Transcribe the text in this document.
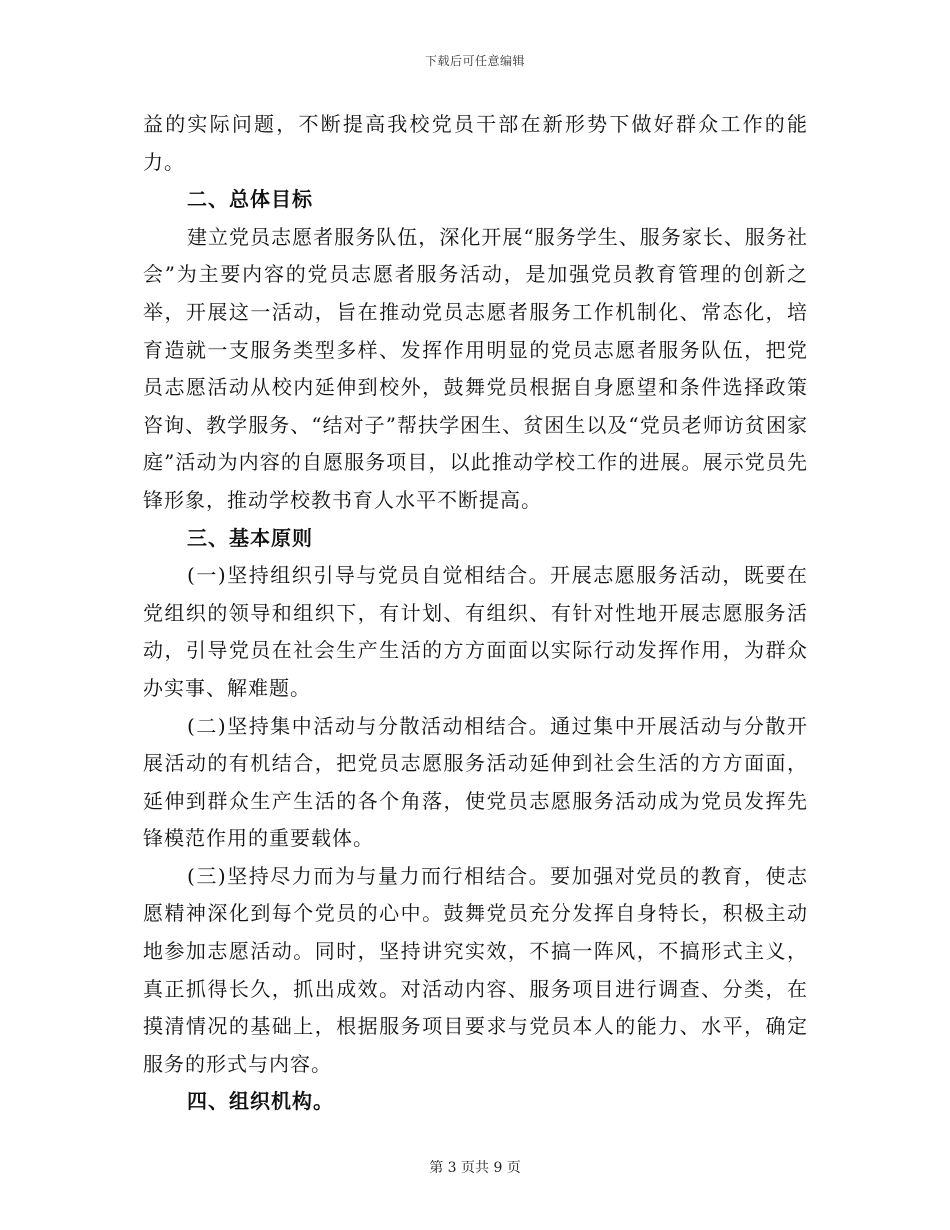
下载后可任意编辑

益的实际问题，不断提高我校党员干部在新形势下做好群众工作的能力。

二、总体目标

建立党员志愿者服务队伍，深化开展“服务学生、服务家长、服务社会”为主要内容的党员志愿者服务活动，是加强党员教育管理的创新之举，开展这一活动，旨在推动党员志愿者服务工作机制化、常态化，培育造就一支服务类型多样、发挥作用明显的党员志愿者服务队伍，把党员志愿活动从校内延伸到校外，鼓舞党员根据自身愿望和条件选择政策咨询、教学服务、“结对子”帮扶学困生、贫困生以及“党员老师访贫困家庭”活动为内容的自愿服务项目，以此推动学校工作的进展。展示党员先锋形象，推动学校教书育人水平不断提高。

三、基本原则

(一)坚持组织引导与党员自觉相结合。开展志愿服务活动，既要在党组织的领导和组织下，有计划、有组织、有针对性地开展志愿服务活动，引导党员在社会生产生活的方方面面以实际行动发挥作用，为群众办实事、解难题。

(二)坚持集中活动与分散活动相结合。通过集中开展活动与分散开展活动的有机结合，把党员志愿服务活动延伸到社会生活的方方面面，延伸到群众生产生活的各个角落，使党员志愿服务活动成为党员发挥先锋模范作用的重要载体。

(三)坚持尽力而为与量力而行相结合。要加强对党员的教育，使志愿精神深化到每个党员的心中。鼓舞党员充分发挥自身特长，积极主动地参加志愿活动。同时，坚持讲究实效，不搞一阵风，不搞形式主义，真正抓得长久，抓出成效。对活动内容、服务项目进行调查、分类，在摸清情况的基础上，根据服务项目要求与党员本人的能力、水平，确定服务的形式与内容。

四、组织机构。

第 3 页共 9 页
